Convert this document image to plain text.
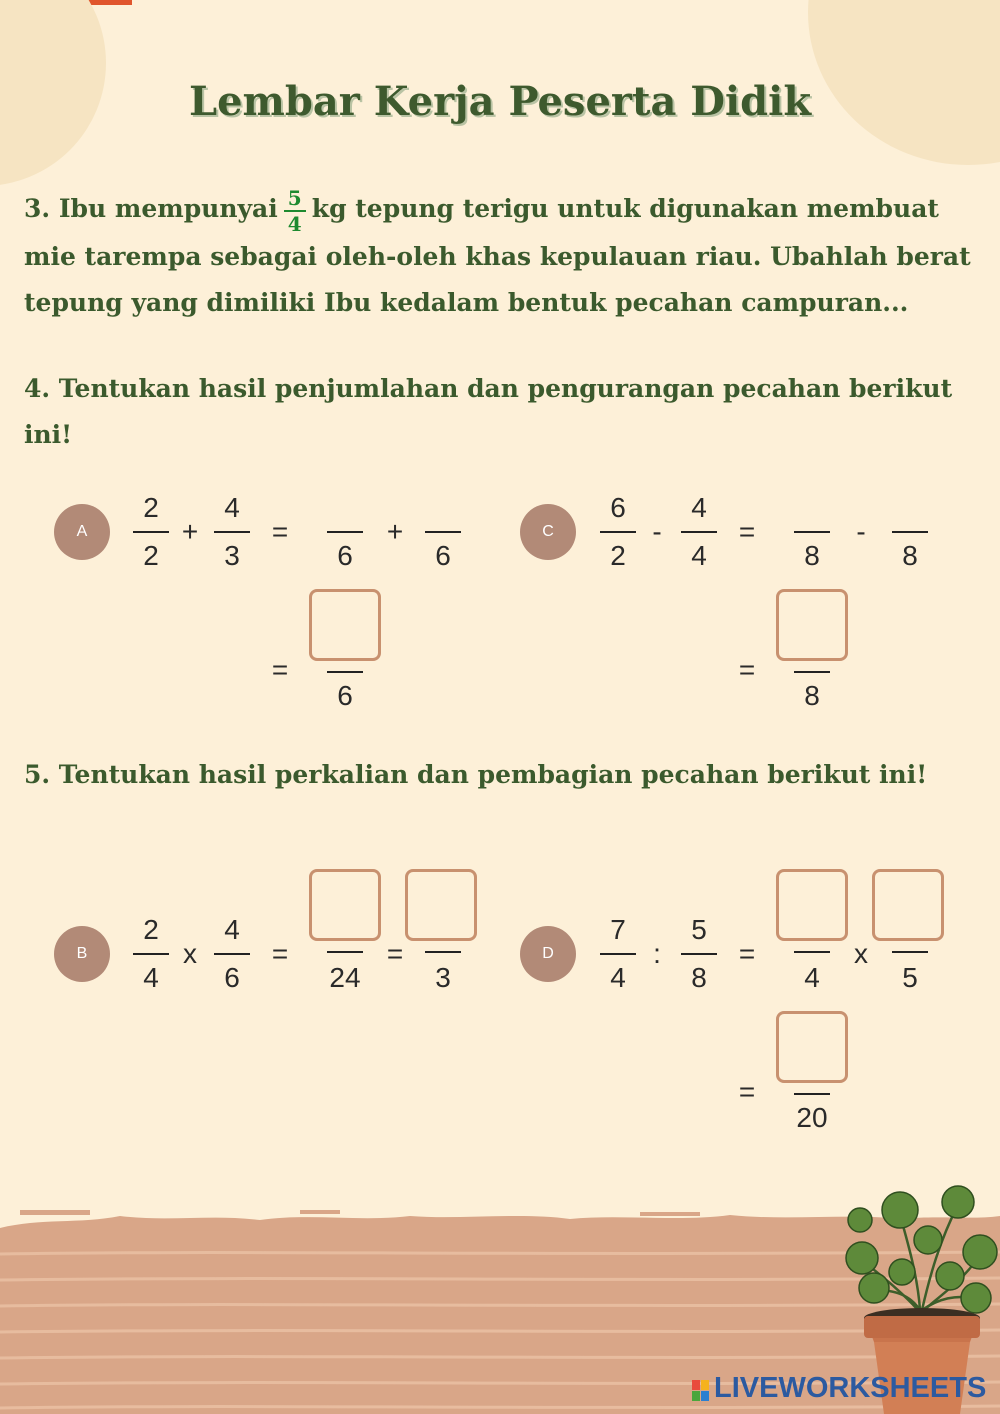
Lembar Kerja Peserta Didik

3. Ibu mempunyai $\frac{5}{4}$ kg tepung terigu untuk digunakan membuat mie tarempa sebagai oleh-oleh khas kepulauan riau. Ubahlah berat tepung yang dimiliki Ibu kedalam bentuk pecahan campuran...

4. Tentukan hasil penjumlahan dan pengurangan pecahan berikut ini!

5. Tentukan hasil perkalian dan pembagian pecahan berikut ini!

A
2
2
+
4
3
=
6
+
6
=
6
C
6
2
-
4
4
=
8
-
8
=
8
B
2
4
x
4
6
=
24
=
3
D
7
4
:
5
8
=
4
x
5
=
20
LIVEWORKSHEETS
